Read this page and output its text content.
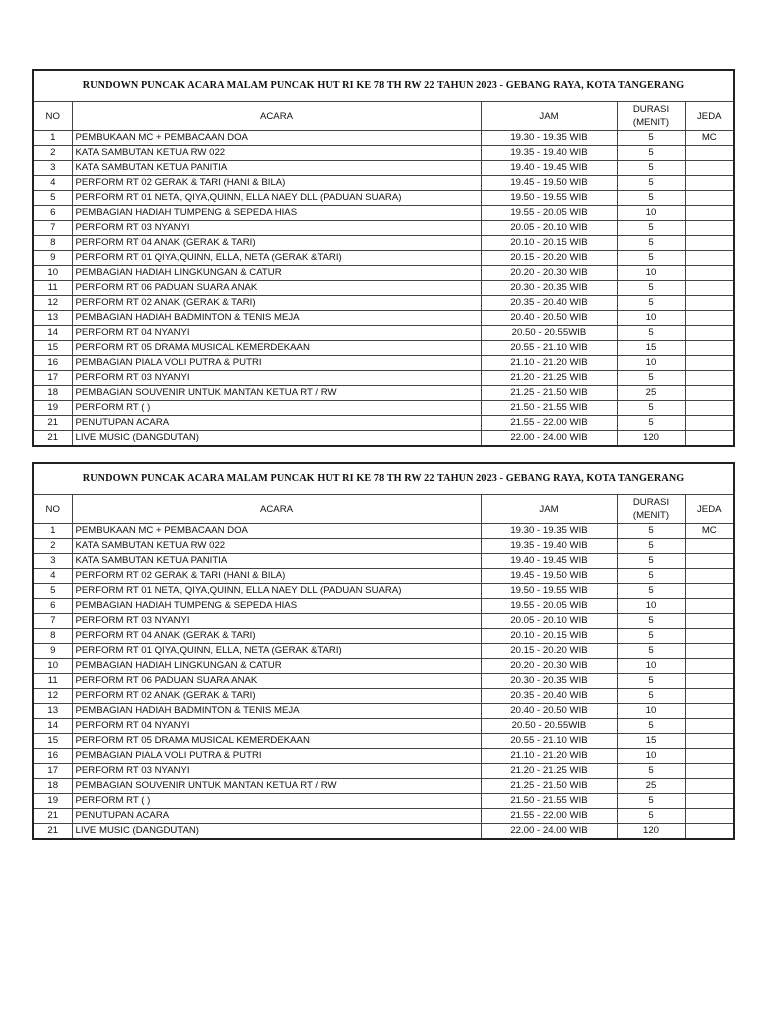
RUNDOWN PUNCAK ACARA MALAM PUNCAK HUT RI KE 78 TH RW 22 TAHUN 2023 - GEBANG RAYA, KOTA TANGERANG				
NO	ACARA	JAM	DURASI (MENIT)	JEDA
1	PEMBUKAAN MC + PEMBACAAN DOA	19.30 - 19.35 WIB	5	MC
2	KATA SAMBUTAN KETUA RW 022	19.35 - 19.40 WIB	5	
3	KATA SAMBUTAN KETUA PANITIA	19.40 - 19.45 WIB	5	
4	PERFORM RT 02 GERAK & TARI (HANI & BILA)	19.45 - 19.50 WIB	5	
5	PERFORM RT 01 NETA, QIYA,QUINN, ELLA NAEY DLL (PADUAN SUARA)	19.50 - 19.55 WIB	5	
6	PEMBAGIAN HADIAH TUMPENG & SEPEDA HIAS	19.55 - 20.05 WIB	10	
7	PERFORM RT 03 NYANYI	20.05 - 20.10 WIB	5	
8	PERFORM RT 04 ANAK (GERAK & TARI)	20.10 - 20.15 WIB	5	
9	PERFORM RT 01 QIYA,QUINN, ELLA, NETA (GERAK &TARI)	20.15 - 20.20 WIB	5	
10	PEMBAGIAN HADIAH LINGKUNGAN & CATUR	20.20 - 20.30 WIB	10	
11	PERFORM RT 06 PADUAN SUARA ANAK	20.30 - 20.35 WIB	5	
12	PERFORM RT 02 ANAK (GERAK & TARI)	20.35 - 20.40 WIB	5	
13	PEMBAGIAN HADIAH BADMINTON & TENIS MEJA	20.40 - 20.50 WIB	10	
14	PERFORM RT 04 NYANYI	20.50 - 20.55WIB	5	
15	PERFORM RT 05 DRAMA MUSICAL KEMERDEKAAN	20.55 - 21.10 WIB	15	
16	PEMBAGIAN PIALA VOLI PUTRA & PUTRI	21.10 - 21.20 WIB	10	
17	PERFORM RT 03 NYANYI	21.20 - 21.25 WIB	5	
18	PEMBAGIAN SOUVENIR UNTUK MANTAN KETUA RT / RW	21.25 - 21.50 WIB	25	
19	PERFORM RT ( )	21.50 - 21.55 WIB	5	
21	PENUTUPAN ACARA	21.55 - 22.00 WIB	5	
21	LIVE MUSIC (DANGDUTAN)	22.00 - 24.00 WIB	120	
RUNDOWN PUNCAK ACARA MALAM PUNCAK HUT RI KE 78 TH RW 22 TAHUN 2023 - GEBANG RAYA, KOTA TANGERANG				
NO	ACARA	JAM	DURASI (MENIT)	JEDA
1	PEMBUKAAN MC + PEMBACAAN DOA	19.30 - 19.35 WIB	5	MC
2	KATA SAMBUTAN KETUA RW 022	19.35 - 19.40 WIB	5	
3	KATA SAMBUTAN KETUA PANITIA	19.40 - 19.45 WIB	5	
4	PERFORM RT 02 GERAK & TARI (HANI & BILA)	19.45 - 19.50 WIB	5	
5	PERFORM RT 01 NETA, QIYA,QUINN, ELLA NAEY DLL (PADUAN SUARA)	19.50 - 19.55 WIB	5	
6	PEMBAGIAN HADIAH TUMPENG & SEPEDA HIAS	19.55 - 20.05 WIB	10	
7	PERFORM RT 03 NYANYI	20.05 - 20.10 WIB	5	
8	PERFORM RT 04 ANAK (GERAK & TARI)	20.10 - 20.15 WIB	5	
9	PERFORM RT 01 QIYA,QUINN, ELLA, NETA (GERAK &TARI)	20.15 - 20.20 WIB	5	
10	PEMBAGIAN HADIAH LINGKUNGAN & CATUR	20.20 - 20.30 WIB	10	
11	PERFORM RT 06 PADUAN SUARA ANAK	20.30 - 20.35 WIB	5	
12	PERFORM RT 02 ANAK (GERAK & TARI)	20.35 - 20.40 WIB	5	
13	PEMBAGIAN HADIAH BADMINTON & TENIS MEJA	20.40 - 20.50 WIB	10	
14	PERFORM RT 04 NYANYI	20.50 - 20.55WIB	5	
15	PERFORM RT 05 DRAMA MUSICAL KEMERDEKAAN	20.55 - 21.10 WIB	15	
16	PEMBAGIAN PIALA VOLI PUTRA & PUTRI	21.10 - 21.20 WIB	10	
17	PERFORM RT 03 NYANYI	21.20 - 21.25 WIB	5	
18	PEMBAGIAN SOUVENIR UNTUK MANTAN KETUA RT / RW	21.25 - 21.50 WIB	25	
19	PERFORM RT ( )	21.50 - 21.55 WIB	5	
21	PENUTUPAN ACARA	21.55 - 22.00 WIB	5	
21	LIVE MUSIC (DANGDUTAN)	22.00 - 24.00 WIB	120	
